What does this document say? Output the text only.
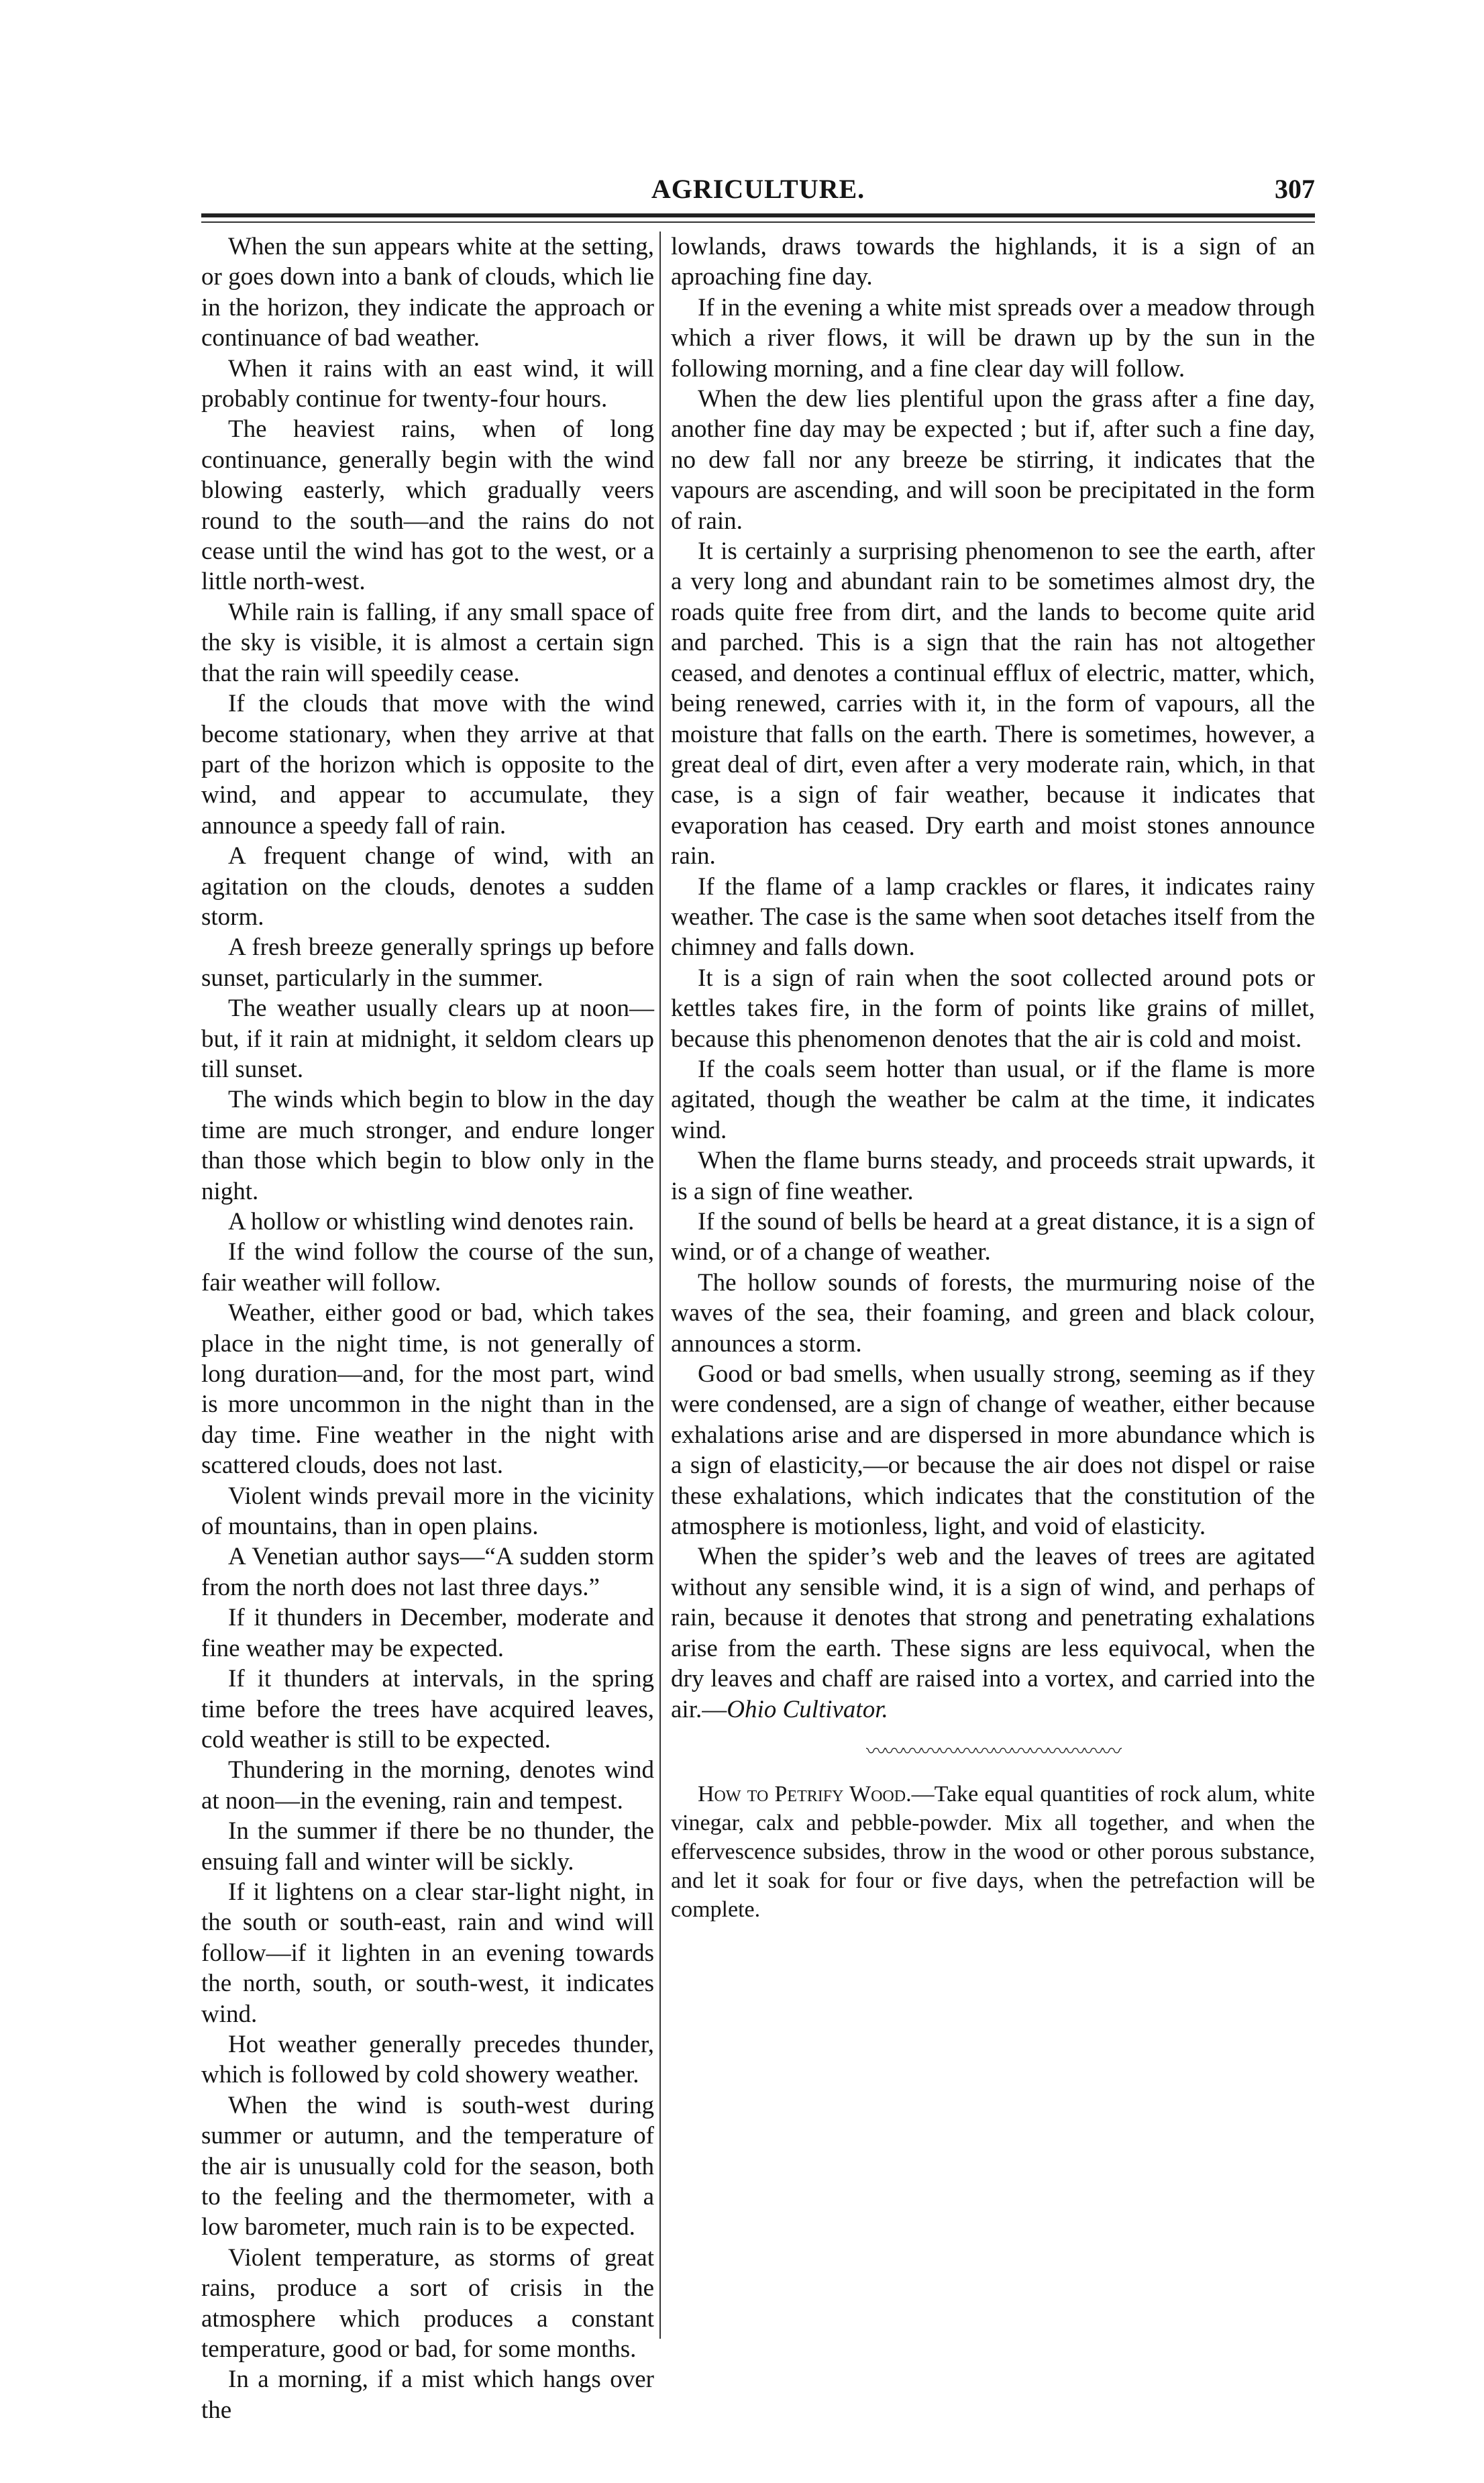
AGRICULTURE.	307

When the sun appears white at the setting, or goes down into a bank of clouds, which lie in the horizon, they indicate the approach or continuance of bad weather.

When it rains with an east wind, it will probably continue for twenty-four hours.

The heaviest rains, when of long continuance, generally begin with the wind blowing easterly, which gradually veers round to the south—and the rains do not cease until the wind has got to the west, or a little north-west.

While rain is falling, if any small space of the sky is visible, it is almost a certain sign that the rain will speedily cease.

If the clouds that move with the wind become stationary, when they arrive at that part of the horizon which is opposite to the wind, and appear to accumulate, they announce a speedy fall of rain.

A frequent change of wind, with an agitation on the clouds, denotes a sudden storm.

A fresh breeze generally springs up before sunset, particularly in the summer.

The weather usually clears up at noon—but, if it rain at midnight, it seldom clears up till sunset.

The winds which begin to blow in the day time are much stronger, and endure longer than those which begin to blow only in the night.

A hollow or whistling wind denotes rain.

If the wind follow the course of the sun, fair weather will follow.

Weather, either good or bad, which takes place in the night time, is not generally of long duration—and, for the most part, wind is more uncommon in the night than in the day time. Fine weather in the night with scattered clouds, does not last.

Violent winds prevail more in the vicinity of mountains, than in open plains.

A Venetian author says—“A sudden storm from the north does not last three days.”

If it thunders in December, moderate and fine weather may be expected.

If it thunders at intervals, in the spring time before the trees have acquired leaves, cold weather is still to be expected.

Thundering in the morning, denotes wind at noon—in the evening, rain and tempest.

In the summer if there be no thunder, the ensuing fall and winter will be sickly.

If it lightens on a clear star-light night, in the south or south-east, rain and wind will follow—if it lighten in an evening towards the north, south, or south-west, it indicates wind.

Hot weather generally precedes thunder, which is followed by cold showery weather.

When the wind is south-west during summer or autumn, and the temperature of the air is unusually cold for the season, both to the feeling and the thermometer, with a low barometer, much rain is to be expected.

Violent temperature, as storms of great rains, produce a sort of crisis in the atmosphere which produces a constant temperature, good or bad, for some months.

In a morning, if a mist which hangs over the

lowlands, draws towards the highlands, it is a sign of an aproaching fine day.

If in the evening a white mist spreads over a meadow through which a river flows, it will be drawn up by the sun in the following morning, and a fine clear day will follow.

When the dew lies plentiful upon the grass after a fine day, another fine day may be expected ; but if, after such a fine day, no dew fall nor any breeze be stirring, it indicates that the vapours are ascending, and will soon be precipitated in the form of rain.

It is certainly a surprising phenomenon to see the earth, after a very long and abundant rain to be sometimes almost dry, the roads quite free from dirt, and the lands to become quite arid and parched. This is a sign that the rain has not altogether ceased, and denotes a continual efflux of electric, matter, which, being renewed, carries with it, in the form of vapours, all the moisture that falls on the earth. There is sometimes, however, a great deal of dirt, even after a very moderate rain, which, in that case, is a sign of fair weather, because it indicates that evaporation has ceased. Dry earth and moist stones announce rain.

If the flame of a lamp crackles or flares, it indicates rainy weather. The case is the same when soot detaches itself from the chimney and falls down.

It is a sign of rain when the soot collected around pots or kettles takes fire, in the form of points like grains of millet, because this phenomenon denotes that the air is cold and moist.

If the coals seem hotter than usual, or if the flame is more agitated, though the weather be calm at the time, it indicates wind.

When the flame burns steady, and proceeds strait upwards, it is a sign of fine weather.

If the sound of bells be heard at a great distance, it is a sign of wind, or of a change of weather.

The hollow sounds of forests, the murmuring noise of the waves of the sea, their foaming, and green and black colour, announces a storm.

Good or bad smells, when usually strong, seeming as if they were condensed, are a sign of change of weather, either because exhalations arise and are dispersed in more abundance which is a sign of elasticity,—or because the air does not dispel or raise these exhalations, which indicates that the constitution of the atmosphere is motionless, light, and void of elasticity.

When the spider’s web and the leaves of trees are agitated without any sensible wind, it is a sign of wind, and perhaps of rain, because it denotes that strong and penetrating exhalations arise from the earth. These signs are less equivocal, when the dry leaves and chaff are raised into a vortex, and carried into the air.—Ohio Cultivator.

〰〰〰〰〰〰〰〰〰〰〰〰〰〰

How to Petrify Wood.—Take equal quantities of rock alum, white vinegar, calx and pebble-powder. Mix all together, and when the effervescence subsides, throw in the wood or other porous substance, and let it soak for four or five days, when the petrefaction will be complete.
